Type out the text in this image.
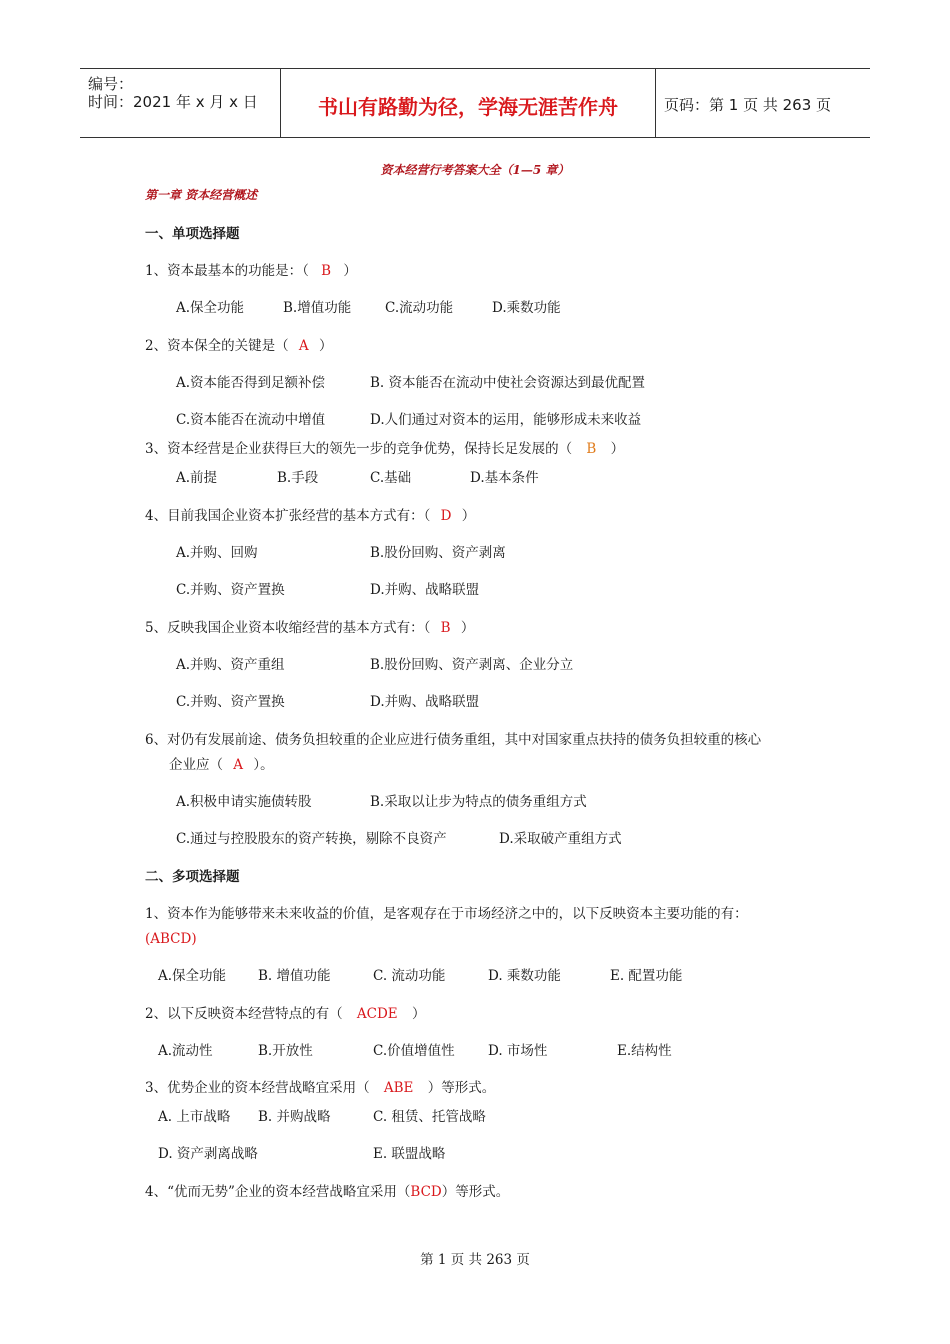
编号：
时间：2021 年 x 月 x 日	书山有路勤为径，学海无涯苦作舟	页码：第 1 页 共 263 页
资本经营行考答案大全（1—5 章）
第一章 资本经营概述
一、单项选择题
1、资本最基本的功能是：（ B ）
A.保全功能	B.增值功能	C.流动功能	D.乘数功能
2、资本保全的关键是（ A ）
A.资本能否得到足额补偿	B. 资本能否在流动中使社会资源达到最优配置
C.资本能否在流动中增值	D.人们通过对资本的运用，能够形成未来收益
3、资本经营是企业获得巨大的领先一步的竞争优势，保持长足发展的（ B ）
A.前提	B.手段	C.基础	D.基本条件
4、目前我国企业资本扩张经营的基本方式有：（ D ）
A.并购、回购	B.股份回购、资产剥离
C.并购、资产置换	D.并购、战略联盟
5、反映我国企业资本收缩经营的基本方式有：（ B ）
A.并购、资产重组	B.股份回购、资产剥离、企业分立
C.并购、资产置换	D.并购、战略联盟
6、对仍有发展前途、债务负担较重的企业应进行债务重组，其中对国家重点扶持的债务负担较重的核心
企业应（ A ）。
A.积极申请实施债转股	B.采取以让步为特点的债务重组方式
C.通过与控股股东的资产转换，剔除不良资产	D.采取破产重组方式
二、多项选择题
1、资本作为能够带来未来收益的价值，是客观存在于市场经济之中的，以下反映资本主要功能的有：
(ABCD)
A.保全功能 B. 增值功能	C. 流动功能	D. 乘数功能	E. 配置功能
2、以下反映资本经营特点的有（ ACDE ）
A.流动性	B.开放性	C.价值增值性 D. 市场性	E.结构性
3、优势企业的资本经营战略宜采用（ ABE ）等形式。
A. 上市战略 B. 并购战略	C. 租赁、托管战略
D. 资产剥离战略	E. 联盟战略
4、“优而无势”企业的资本经营战略宜采用（BCD）等形式。
第 1 页 共 263 页
